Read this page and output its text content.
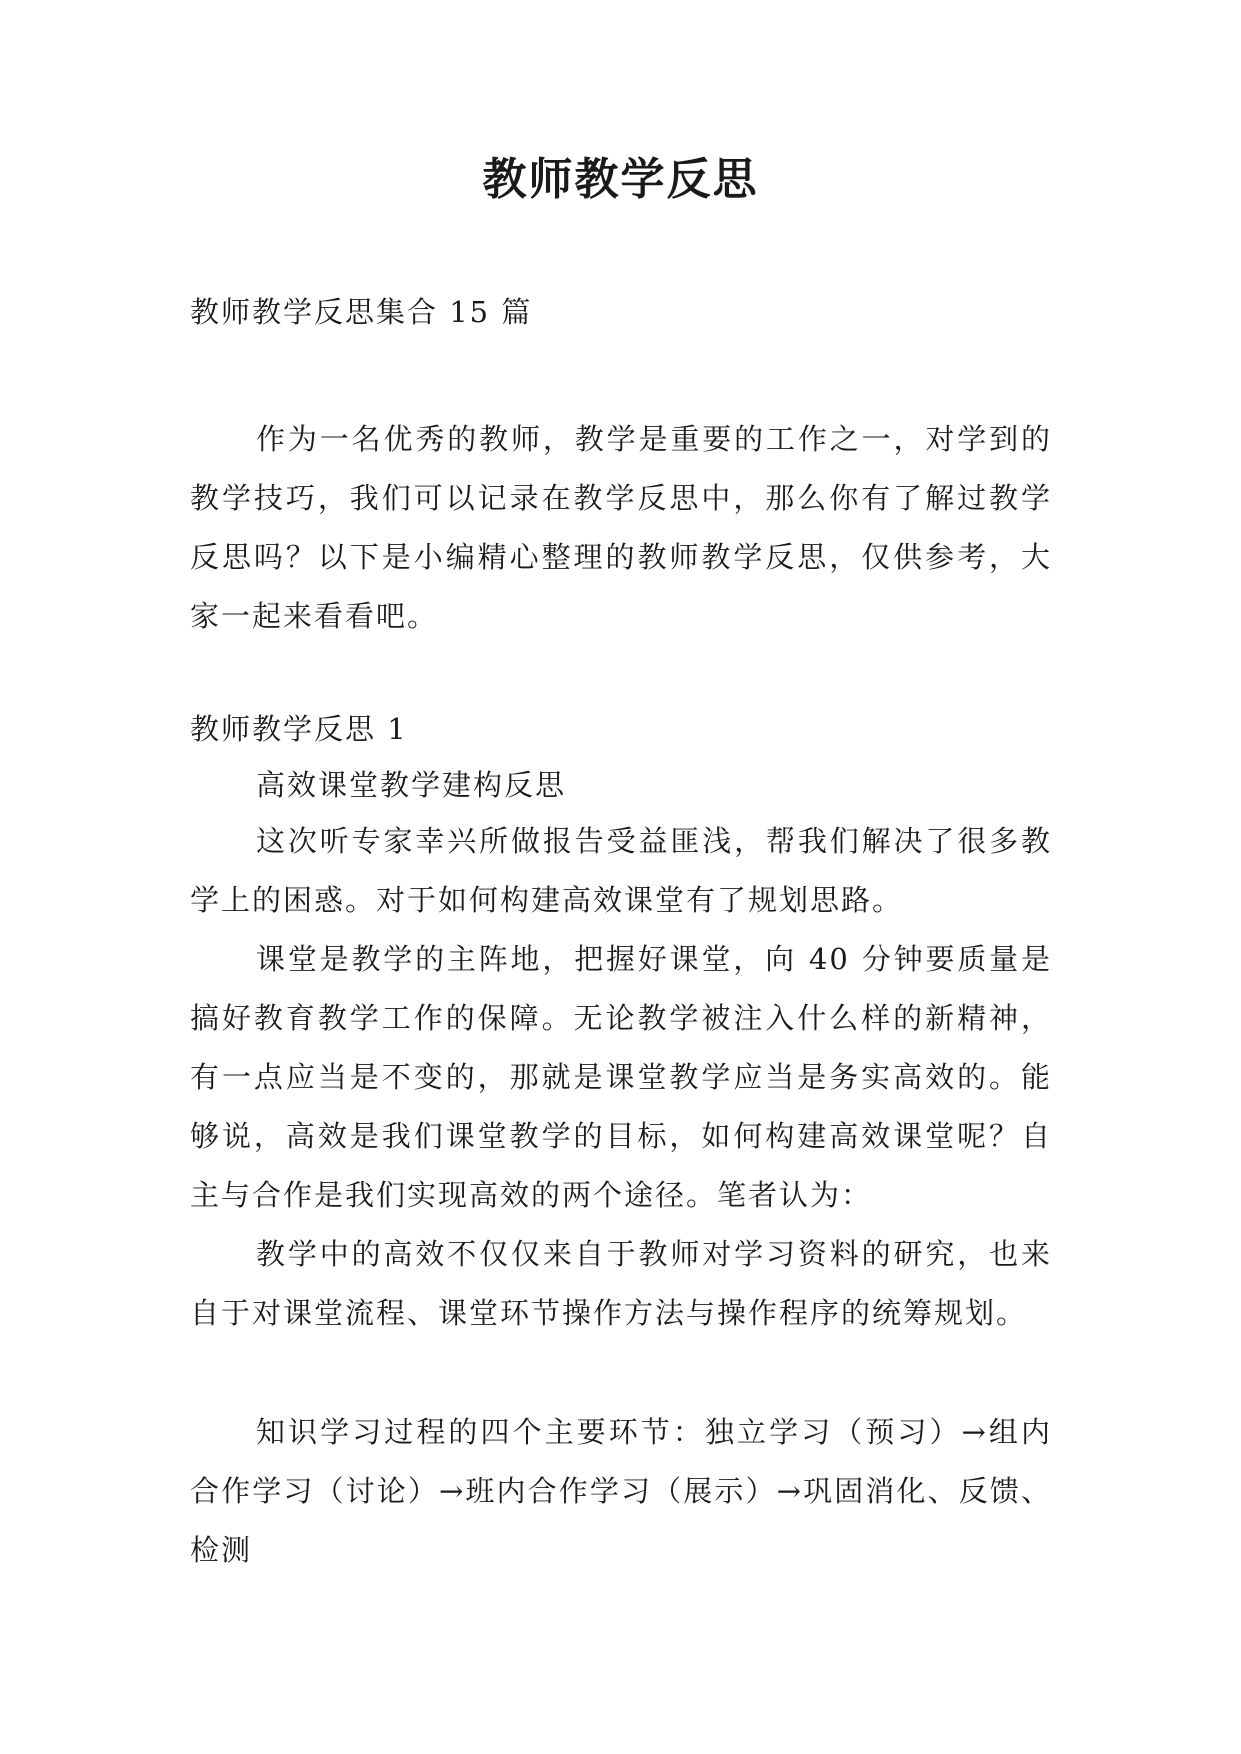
教师教学反思
教师教学反思集合 15 篇

作为一名优秀的教师，教学是重要的工作之一，对学到的教学技巧，我们可以记录在教学反思中，那么你有了解过教学反思吗？以下是小编精心整理的教师教学反思，仅供参考，大家一起来看看吧。

教师教学反思 1

高效课堂教学建构反思

这次听专家幸兴所做报告受益匪浅，帮我们解决了很多教学上的困惑。对于如何构建高效课堂有了规划思路。

课堂是教学的主阵地，把握好课堂，向 40 分钟要质量是搞好教育教学工作的保障。无论教学被注入什么样的新精神，有一点应当是不变的，那就是课堂教学应当是务实高效的。能够说，高效是我们课堂教学的目标，如何构建高效课堂呢？自主与合作是我们实现高效的两个途径。笔者认为：

教学中的高效不仅仅来自于教师对学习资料的研究，也来自于对课堂流程、课堂环节操作方法与操作程序的统筹规划。

知识学习过程的四个主要环节：独立学习（预习）→组内合作学习（讨论）→班内合作学习（展示）→巩固消化、反馈、检测
